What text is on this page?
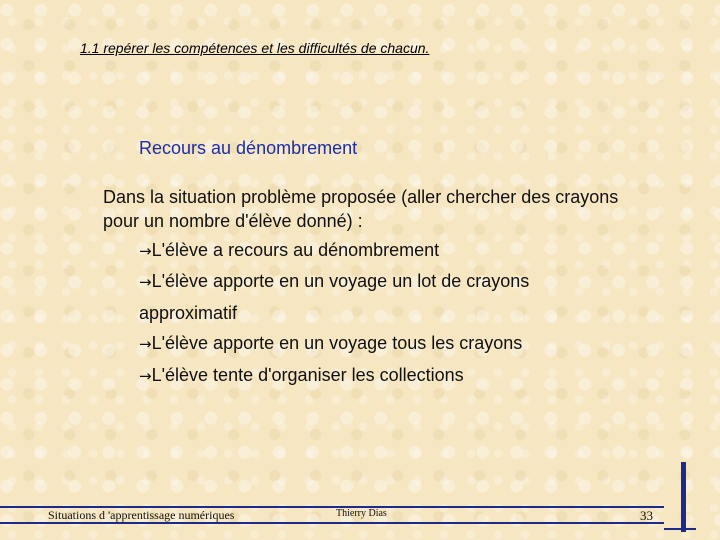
1.1 repérer les compétences et les difficultés de chacun.
Recours au dénombrement
Dans la situation problème proposée (aller chercher des crayons pour un nombre d'élève donné) :
→L'élève a recours au dénombrement
→L'élève apporte en un voyage un lot de crayons approximatif
→L'élève apporte en un voyage tous les crayons
→L'élève tente d'organiser les collections
Situations d 'apprentissage numériques	Thierry Dias	33
